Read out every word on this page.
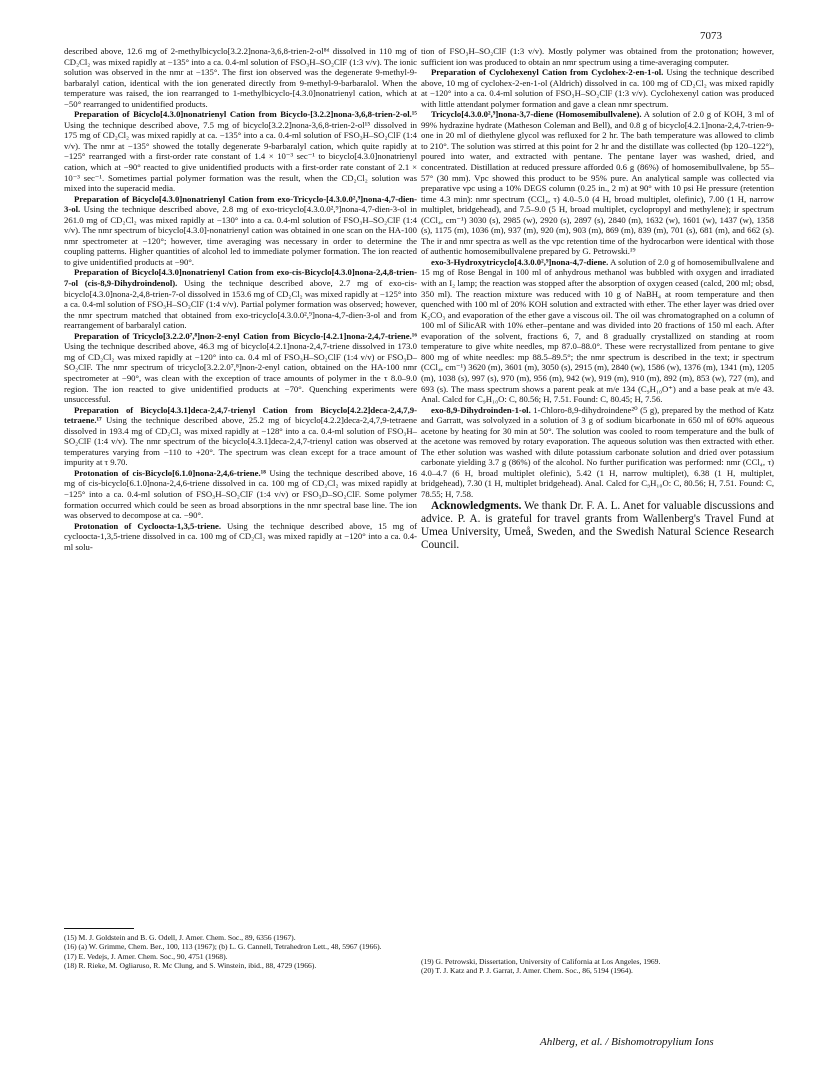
7073

described above, 12.6 mg of 2-methylbicyclo[3.2.2]nona-3,6,8-trien-2-ol⁸ᵈ dissolved in 110 mg of CD₂Cl₂ was mixed rapidly at −135° into a ca. 0.4-ml solution of FSO₃H–SO₂ClF (1:3 v/v). The ionic solution was observed in the nmr at −135°. The first ion observed was the degenerate 9-methyl-9-barbaralyl cation, identical with the ion generated directly from 9-methyl-9-barbaralol. When the temperature was raised, the ion rearranged to 1-methylbicyclo-[4.3.0]nonatrienyl cation, which at −50° rearranged to unidentified products.

Preparation of Bicyclo[4.3.0]nonatrienyl Cation from Bicyclo-[3.2.2]nona-3,6,8-trien-2-ol.¹⁵ Using the technique described above, 7.5 mg of bicyclo[3.2.2]nona-3,6,8-trien-2-ol¹⁵ dissolved in 175 mg of CD₂Cl₂ was mixed rapidly at ca. −135° into a ca. 0.4-ml solution of FSO₃H–SO₂ClF (1:4 v/v). The nmr at −135° showed the totally degenerate 9-barbaralyl cation, which quite rapidly at −125° rearranged with a first-order rate constant of 1.4 × 10⁻³ sec⁻¹ to bicyclo[4.3.0]nonatrienyl cation, which at −90° reacted to give unidentified products with a first-order rate constant of 2.1 × 10⁻³ sec⁻¹. Sometimes partial polymer formation was the result, when the CD₂Cl₂ solution was mixed into the superacid media.

Preparation of Bicyclo[4.3.0]nonatrienyl Cation from exo-Tricyclo-[4.3.0.0²,⁹]nona-4,7-dien-3-ol. Using the technique described above, 2.8 mg of exo-tricyclo[4.3.0.0²,⁹]nona-4,7-dien-3-ol in 261.0 mg of CD₂Cl₂ was mixed rapidly at −130° into a ca. 0.4-ml solution of FSO₃H–SO₂ClF (1:4 v/v). The nmr spectrum of bicyclo[4.3.0]-nonatrienyl cation was obtained in one scan on the HA-100 nmr spectrometer at −120°; however, time averaging was necessary in order to determine the coupling patterns. Higher quantities of alcohol led to immediate polymer formation. The ion reacted to give unidentified products at −90°.

Preparation of Bicyclo[4.3.0]nonatrienyl Cation from exo-cis-Bicyclo[4.3.0]nona-2,4,8-trien-7-ol (cis-8,9-Dihydroindenol). Using the technique described above, 2.7 mg of exo-cis-bicyclo[4.3.0]nona-2,4,8-trien-7-ol dissolved in 153.6 mg of CD₂Cl₂ was mixed rapidly at −125° into a ca. 0.4-ml solution of FSO₃H–SO₂ClF (1:4 v/v). Partial polymer formation was observed; however, the nmr spectrum matched that obtained from exo-tricyclo[4.3.0.0²,⁹]nona-4,7-dien-3-ol and from rearrangement of barbaralyl cation.

Preparation of Tricyclo[3.2.2.0⁷,⁸]non-2-enyl Cation from Bicyclo-[4.2.1]nona-2,4,7-triene.¹⁶ Using the technique described above, 46.3 mg of bicyclo[4.2.1]nona-2,4,7-triene dissolved in 173.0 mg of CD₂Cl₂ was mixed rapidly at −120° into ca. 0.4 ml of FSO₃H–SO₂ClF (1:4 v/v) or FSO₃D–SO₂ClF. The nmr spectrum of tricyclo[3.2.2.0⁷,⁸]non-2-enyl cation, obtained on the HA-100 nmr spectrometer at −90°, was clean with the exception of trace amounts of polymer in the τ 8.0–9.0 region. The ion reacted to give unidentified products at −70°. Quenching experiments were unsuccessful.

Preparation of Bicyclo[4.3.1]deca-2,4,7-trienyl Cation from Bicyclo[4.2.2]deca-2,4,7,9-tetraene.¹⁷ Using the technique described above, 25.2 mg of bicyclo[4.2.2]deca-2,4,7,9-tetraene dissolved in 193.4 mg of CD₂Cl₂ was mixed rapidly at −128° into a ca. 0.4-ml solution of FSO₃H–SO₂ClF (1:4 v/v). The nmr spectrum of the bicyclo[4.3.1]deca-2,4,7-trienyl cation was observed at temperatures varying from −110 to +20°. The spectrum was clean except for a trace amount of impurity at τ 9.70.

Protonation of cis-Bicyclo[6.1.0]nona-2,4,6-triene.¹⁸ Using the technique described above, 16 mg of cis-bicyclo[6.1.0]nona-2,4,6-triene dissolved in ca. 100 mg of CD₂Cl₂ was mixed rapidly at −125° into a ca. 0.4-ml solution of FSO₃H–SO₂ClF (1:4 v/v) or FSO₃D–SO₂ClF. Some polymer formation occurred which could be seen as broad absorptions in the nmr spectral base line. The ion was observed to decompose at ca. −90°.

Protonation of Cycloocta-1,3,5-triene. Using the technique described above, 15 mg of cycloocta-1,3,5-triene dissolved in ca. 100 mg of CD₂Cl₂ was mixed rapidly at −120° into a ca. 0.4-ml solu-

tion of FSO₃H–SO₂ClF (1:3 v/v). Mostly polymer was obtained from the protonation; however, sufficient ion was produced to obtain an nmr spectrum using a time-averaging computer.

Preparation of Cyclohexenyl Cation from Cyclohex-2-en-1-ol. Using the technique described above, 10 mg of cyclohex-2-en-1-ol (Aldrich) dissolved in ca. 100 mg of CD₂Cl₂ was mixed rapidly at −120° into a ca. 0.4-ml solution of FSO₃H–SO₂ClF (1:3 v/v). Cyclohexenyl cation was produced with little attendant polymer formation and gave a clean nmr spectrum.

Tricyclo[4.3.0.0²,⁹]nona-3,7-diene (Homosemibullvalene). A solution of 2.0 g of KOH, 3 ml of 99% hydrazine hydrate (Matheson Coleman and Bell), and 0.8 g of bicyclo[4.2.1]nona-2,4,7-trien-9-one in 20 ml of diethylene glycol was refluxed for 2 hr. The bath temperature was allowed to climb to 210°. The solution was stirred at this point for 2 hr and the distillate was collected (bp 120–122°), poured into water, and extracted with pentane. The pentane layer was washed, dried, and concentrated. Distillation at reduced pressure afforded 0.6 g (86%) of homosemibullvalene, bp 55–57° (30 mm). Vpc showed this product to be 95% pure. An analytical sample was collected via preparative vpc using a 10% DEGS column (0.25 in., 2 m) at 90° with 10 psi He pressure (retention time 4.3 min): nmr spectrum (CCl₄, τ) 4.0–5.0 (4 H, broad multiplet, olefinic), 7.00 (1 H, narrow multiplet, bridgehead), and 7.5–9.0 (5 H, broad multiplet, cyclopropyl and methylene); ir spectrum (CCl₄, cm⁻¹) 3030 (s), 2985 (w), 2920 (s), 2897 (s), 2840 (m), 1632 (w), 1601 (w), 1437 (w), 1358 (s), 1175 (m), 1036 (m), 937 (m), 920 (m), 903 (m), 869 (m), 839 (m), 701 (s), 681 (m), and 662 (s). The ir and nmr spectra as well as the vpc retention time of the hydrocarbon were identical with those of authentic homosemibullvalene prepared by G. Petrowski.¹⁹

exo-3-Hydroxytricyclo[4.3.0.0²,⁹]nona-4,7-diene. A solution of 2.0 g of homosemibullvalene and 15 mg of Rose Bengal in 100 ml of anhydrous methanol was bubbled with oxygen and irradiated with an I₂ lamp; the reaction was stopped after the absorption of oxygen ceased (calcd, 200 ml; obsd, 350 ml). The reaction mixture was reduced with 10 g of NaBH₄ at room temperature and then quenched with 100 ml of 20% KOH solution and extracted with ether. The ether layer was dried over K₂CO₃ and evaporation of the ether gave a viscous oil. The oil was chromatographed on a column of 100 ml of SilicAR with 10% ether–pentane and was divided into 20 fractions of 150 ml each. After evaporation of the solvent, fractions 6, 7, and 8 gradually crystallized on standing at room temperature to give white needles, mp 87.0–88.0°. These were recrystallized from pentane to give 800 mg of white needles: mp 88.5–89.5°; the nmr spectrum is described in the text; ir spectrum (CCl₄, cm⁻¹) 3620 (m), 3601 (m), 3050 (s), 2915 (m), 2840 (w), 1586 (w), 1376 (m), 1341 (m), 1205 (m), 1038 (s), 997 (s), 970 (m), 956 (m), 942 (w), 919 (m), 910 (m), 892 (m), 853 (w), 727 (m), and 693 (s). The mass spectrum shows a parent peak at m/e 134 (C₉H₁₀O⁺) and a base peak at m/e 43. Anal. Calcd for C₉H₁₀O: C, 80.56; H, 7.51. Found: C, 80.45; H, 7.56.

exo-8,9-Dihydroinden-1-ol. 1-Chloro-8,9-dihydroindene²⁰ (5 g), prepared by the method of Katz and Garratt, was solvolyzed in a solution of 3 g of sodium bicarbonate in 650 ml of 60% aqueous acetone by heating for 30 min at 50°. The solution was cooled to room temperature and the bulk of the acetone was removed by rotary evaporation. The aqueous solution was then extracted with ether. The ether solution was washed with dilute potassium carbonate solution and dried over potassium carbonate yielding 3.7 g (86%) of the alcohol. No further purification was performed: nmr (CCl₄, τ) 4.0–4.7 (6 H, broad multiplet olefinic), 5.42 (1 H, narrow multiplet), 6.38 (1 H, multiplet, bridgehead), 7.30 (1 H, multiplet bridgehead). Anal. Calcd for C₉H₁₀O: C, 80.56; H, 7.51. Found: C, 78.55; H, 7.58.

Acknowledgments. We thank Dr. F. A. L. Anet for valuable discussions and advice. P. A. is grateful for travel grants from Wallenberg's Travel Fund at Umea University, Umeå, Sweden, and the Swedish Natural Science Research Council.

(15) M. J. Goldstein and B. G. Odell, J. Amer. Chem. Soc., 89, 6356 (1967).

(16) (a) W. Grimme, Chem. Ber., 100, 113 (1967); (b) L. G. Cannell, Tetrahedron Lett., 48, 5967 (1966).

(17) E. Vedejs, J. Amer. Chem. Soc., 90, 4751 (1968).

(18) R. Rieke, M. Ogliaruso, R. Mc Clung, and S. Winstein, ibid., 88, 4729 (1966).	(19) G. Petrowski, Dissertation, University of California at Los Angeles, 1969.

(20) T. J. Katz and P. J. Garrat, J. Amer. Chem. Soc., 86, 5194 (1964).

Ahlberg, et al. / Bishomotropylium Ions
